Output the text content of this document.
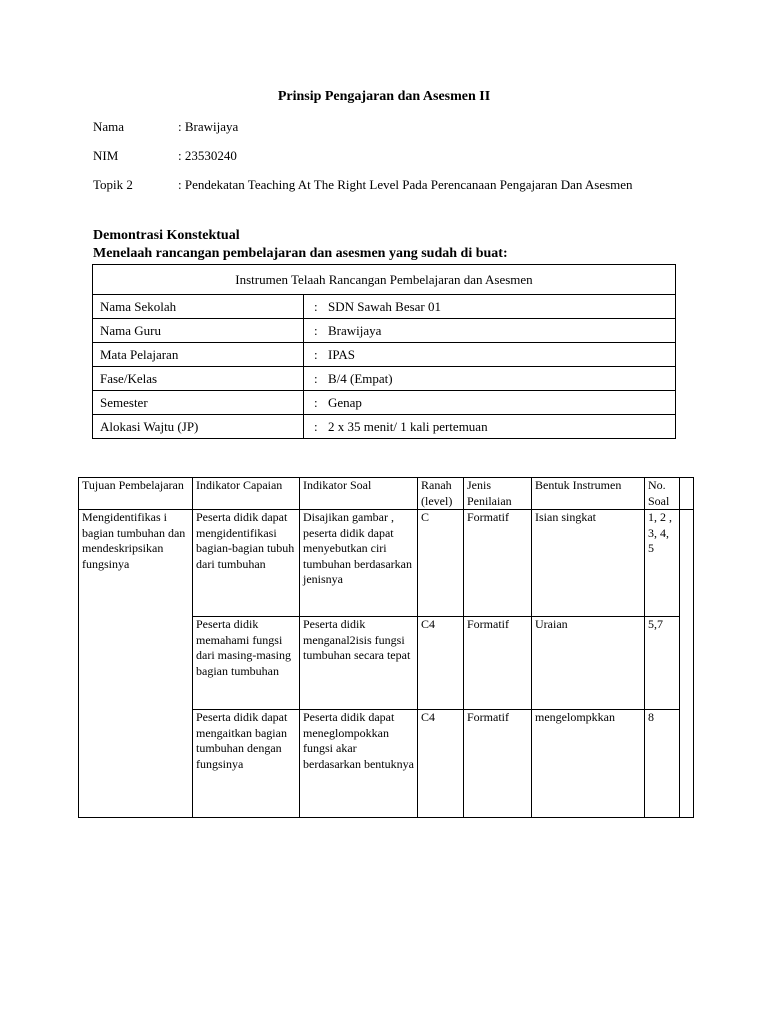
Prinsip Pengajaran dan Asesmen II
Nama	: Brawijaya
NIM	: 23530240
Topik 2	: Pendekatan Teaching At The Right Level Pada Perencanaan Pengajaran Dan Asesmen
Demontrasi Konstektual
Menelaah rancangan pembelajaran dan asesmen yang sudah di buat:
Instrumen Telaah Rancangan Pembelajaran dan Asesmen	
Nama Sekolah	: SDN Sawah Besar 01
Nama Guru	: Brawijaya
Mata Pelajaran	: IPAS
Fase/Kelas	: B/4 (Empat)
Semester	: Genap
Alokasi Wajtu (JP)	: 2 x 35 menit/ 1 kali pertemuan
Tujuan Pembelajaran	Indikator Capaian	Indikator Soal	Ranah (level)	Jenis Penilaian	Bentuk Instrumen	No. Soal	
Mengidentifikas i bagian tumbuhan dan mendeskripsikan fungsinya	Peserta didik dapat mengidentifikasi bagian-bagian tubuh dari tumbuhan	Disajikan gambar , peserta didik dapat menyebutkan ciri tumbuhan berdasarkan jenisnya	C	Formatif	Isian singkat	1, 2 , 3, 4, 5	
	Peserta didik memahami fungsi dari masing-masing bagian tumbuhan	Peserta didik menganal2isis fungsi tumbuhan secara tepat	C4	Formatif	Uraian	5,7	
	Peserta didik dapat mengaitkan bagian tumbuhan dengan fungsinya	Peserta didik dapat meneglompokkan fungsi akar berdasarkan bentuknya	C4	Formatif	mengelompkkan	8	
